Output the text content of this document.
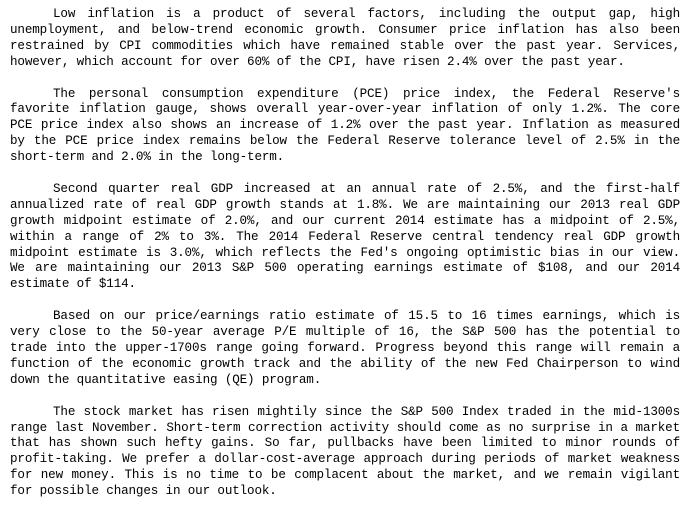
Low inflation is a product of several factors, including the output gap, high unemployment, and below-trend economic growth. Consumer price inflation has also been restrained by CPI commodities which have remained stable over the past year. Services, however, which account for over 60% of the CPI, have risen 2.4% over the past year.

The personal consumption expenditure (PCE) price index, the Federal Reserve's favorite inflation gauge, shows overall year-over-year inflation of only 1.2%. The core PCE price index also shows an increase of 1.2% over the past year. Inflation as measured by the PCE price index remains below the Federal Reserve tolerance level of 2.5% in the short-term and 2.0% in the long-term.

Second quarter real GDP increased at an annual rate of 2.5%, and the first-half annualized rate of real GDP growth stands at 1.8%. We are maintaining our 2013 real GDP growth midpoint estimate of 2.0%, and our current 2014 estimate has a midpoint of 2.5%, within a range of 2% to 3%. The 2014 Federal Reserve central tendency real GDP growth midpoint estimate is 3.0%, which reflects the Fed's ongoing optimistic bias in our view. We are maintaining our 2013 S&P 500 operating earnings estimate of $108, and our 2014 estimate of $114.

Based on our price/earnings ratio estimate of 15.5 to 16 times earnings, which is very close to the 50-year average P/E multiple of 16, the S&P 500 has the potential to trade into the upper-1700s range going forward. Progress beyond this range will remain a function of the economic growth track and the ability of the new Fed Chairperson to wind down the quantitative easing (QE) program.

The stock market has risen mightily since the S&P 500 Index traded in the mid-1300s range last November. Short-term correction activity should come as no surprise in a market that has shown such hefty gains. So far, pullbacks have been limited to minor rounds of profit-taking. We prefer a dollar-cost-average approach during periods of market weakness for new money. This is no time to be complacent about the market, and we remain vigilant for possible changes in our outlook.
